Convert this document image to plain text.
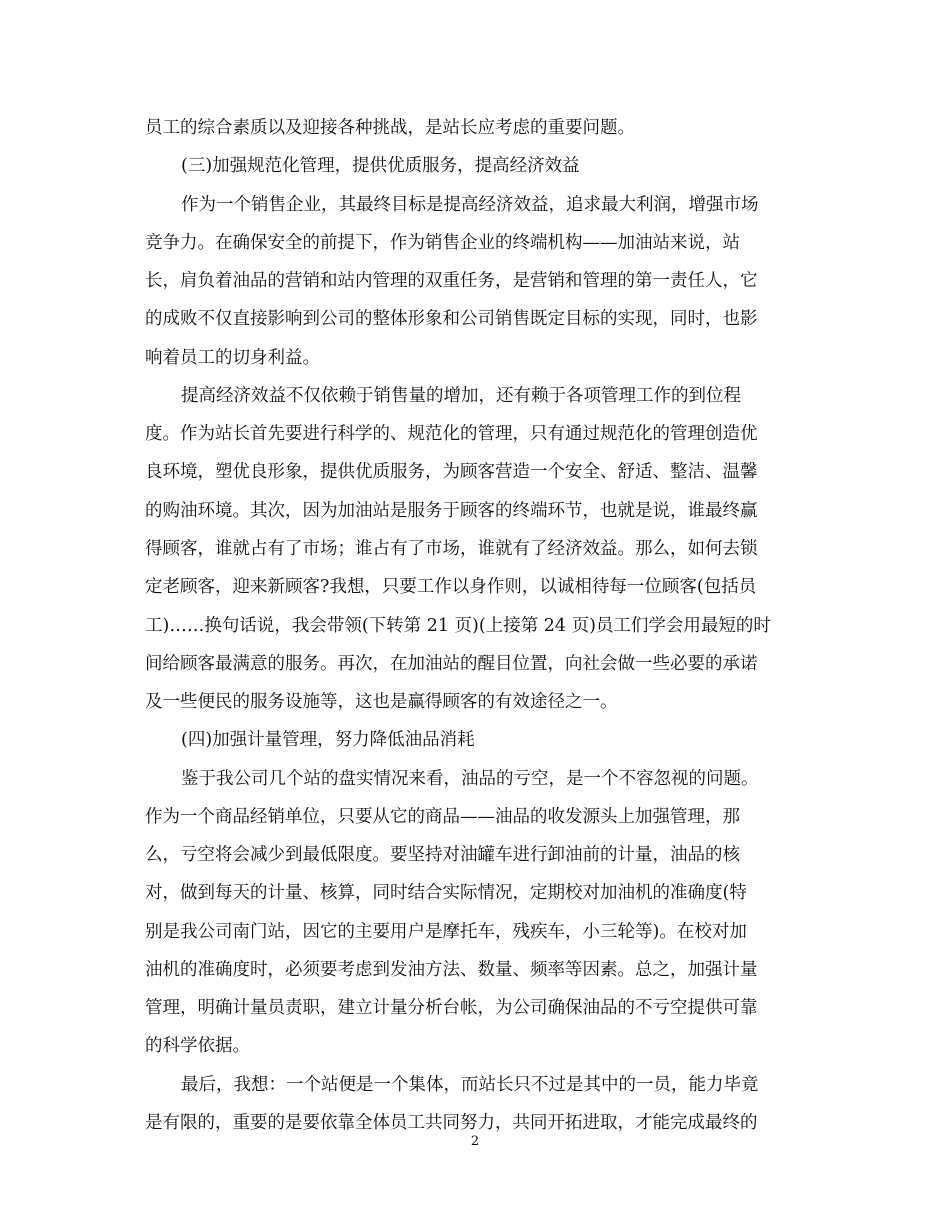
员工的综合素质以及迎接各种挑战，是站长应考虑的重要问题。
(三)加强规范化管理，提供优质服务，提高经济效益
作为一个销售企业，其最终目标是提高经济效益，追求最大利润，增强市场
竞争力。在确保安全的前提下，作为销售企业的终端机构——加油站来说，站
长，肩负着油品的营销和站内管理的双重任务，是营销和管理的第一责任人，它
的成败不仅直接影响到公司的整体形象和公司销售既定目标的实现，同时，也影
响着员工的切身利益。
提高经济效益不仅依赖于销售量的增加，还有赖于各项管理工作的到位程
度。作为站长首先要进行科学的、规范化的管理，只有通过规范化的管理创造优
良环境，塑优良形象，提供优质服务，为顾客营造一个安全、舒适、整洁、温馨
的购油环境。其次，因为加油站是服务于顾客的终端环节，也就是说，谁最终赢
得顾客，谁就占有了市场；谁占有了市场，谁就有了经济效益。那么，如何去锁
定老顾客，迎来新顾客?我想，只要工作以身作则，以诚相待每一位顾客(包括员
工)……换句话说，我会带领(下转第 21 页)(上接第 24 页)员工们学会用最短的时
间给顾客最满意的服务。再次，在加油站的醒目位置，向社会做一些必要的承诺
及一些便民的服务设施等，这也是赢得顾客的有效途径之一。
(四)加强计量管理，努力降低油品消耗
鉴于我公司几个站的盘实情况来看，油品的亏空，是一个不容忽视的问题。
作为一个商品经销单位，只要从它的商品——油品的收发源头上加强管理，那
么，亏空将会减少到最低限度。要坚持对油罐车进行卸油前的计量，油品的核
对，做到每天的计量、核算，同时结合实际情况，定期校对加油机的准确度(特
别是我公司南门站，因它的主要用户是摩托车，残疾车，小三轮等)。在校对加
油机的准确度时，必须要考虑到发油方法、数量、频率等因素。总之，加强计量
管理，明确计量员责职，建立计量分析台帐，为公司确保油品的不亏空提供可靠
的科学依据。
最后，我想：一个站便是一个集体，而站长只不过是其中的一员，能力毕竟
是有限的，重要的是要依靠全体员工共同努力，共同开拓进取，才能完成最终的
2
